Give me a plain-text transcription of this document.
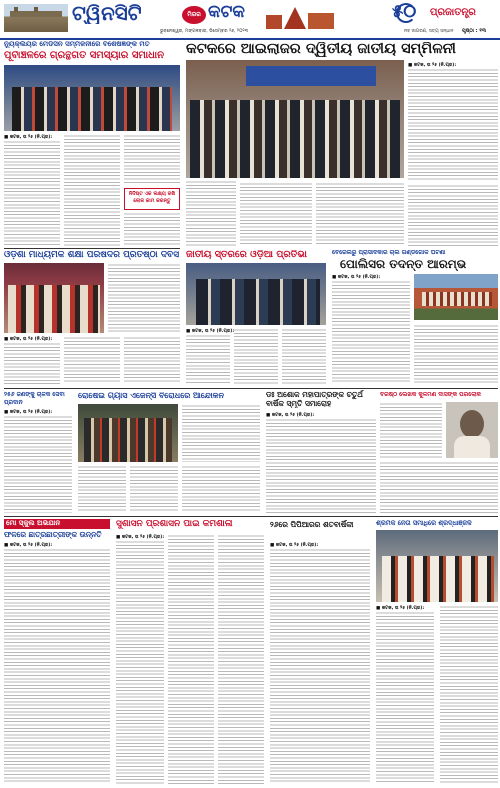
ଟ୍ୱିନସିଟି	ମିରର କଟକ
ଭୁବନେଶ୍ୱର, ମଙ୍ଗଳବାର, ଡିସେମ୍ବର ୨୬, ୨୦୨୩
୫୦ ପ୍ରଜାତନ୍ତ୍ର
ନବ ଜାଗରଣ, ସତ୍ୟ ସନ୍ଧାନ ପୃଷ୍ଠା : ୧୩
ନ୍ୟୁକ୍ଲିୟର ମେଡିସିନ ସମ୍ମିଳନୀରେ ବିଶେଷଜ୍ଞଙ୍କ ମତ
ପୂର୍ବାଞ୍ଚଳରେ ଗ୍ରନ୍ଥିଗତ ସମସ୍ୟାର ସମାଧାନ
■ କଟକ, ତା ୨୫ (ନି.ପ୍ର):
ନିର୍ଦ୍ଦିଷ୍ଟ ଏକ ଲକ୍ଷ୍ୟ ରଖି ଲୋକ କାମ କରନ୍ତୁ
କଟକରେ ଆଇଲାଜର ଦ୍ୱିତୀୟ ଜାତୀୟ ସମ୍ମିଳନୀ
■ କଟକ, ତା ୨୫ (ନି.ପ୍ର):
ଓଡ଼ିଶା ମାଧ୍ୟମିକ ଶିକ୍ଷା ପରିଷଦର ପ୍ରତିଷ୍ଠା ଦିବସ
■ କଟକ, ତା ୨୫ (ନି.ପ୍ର):
ଜାତୀୟ ସ୍ତରରେ ଓଡ଼ିଆ ପ୍ରତିଭା
■ କଟକ, ତା ୨୫ (ନି.ପ୍ର):
ବେରେଲିରୁ ପ୍ରାସାଦିକାର ଚାଲି ଗଣ୍ଡଗୋଳ ଘଟଣା
ପୋଲିସର ତଦନ୍ତ ଆରମ୍ଭ
■ କଟକ, ତା ୨୫ (ନି.ପ୍ର):
୨୫୬ ଜଣଙ୍କୁ ଚାଳକ ସେବା ପ୍ରଦାନ
■ କଟକ, ତା ୨୫ (ନି.ପ୍ର):
ରୋଷେଇ ଗ୍ୟାସ ଏଜେନ୍ସି ବିରୋଧରେ ଆନ୍ଦୋଳନ	ଡଃ ଅଶୋକ ମହାପାତ୍ରଙ୍କ ଚତୁର୍ଥ ବାର୍ଷିକ ସ୍ମୃତି ସମାରୋହ
■ କଟକ, ତା ୨୫ (ନି.ପ୍ର):
ବରିଷ୍ଠ ଲେଖକ କୁଳମଣି ଦାସଙ୍କ ପରଲୋକ
ମୋ ସ୍କୁଲ ଅଭିଯାନ
ଫଳରେ ଛାତ୍ରଛାତ୍ରୀଙ୍କ ଉନ୍ନତି
■ କଟକ, ତା ୨୫ (ନି.ପ୍ର):
ସୁଶାସନ ପ୍ରଶାସନ ପାଇଁ କର୍ମଶାଳା
■ କଟକ, ତା ୨୫ (ନି.ପ୍ର):
୨୬ରେ ପିପିଆରର ଶତବାର୍ଷିକୀ
■ କଟକ, ତା ୨୫ (ନି.ପ୍ର):
ଶ୍ରମିକ ନେତା ସମାଧିରେ ଶ୍ରଦ୍ଧାଞ୍ଜଳି
■ କଟକ, ତା ୨୫ (ନି.ପ୍ର):
